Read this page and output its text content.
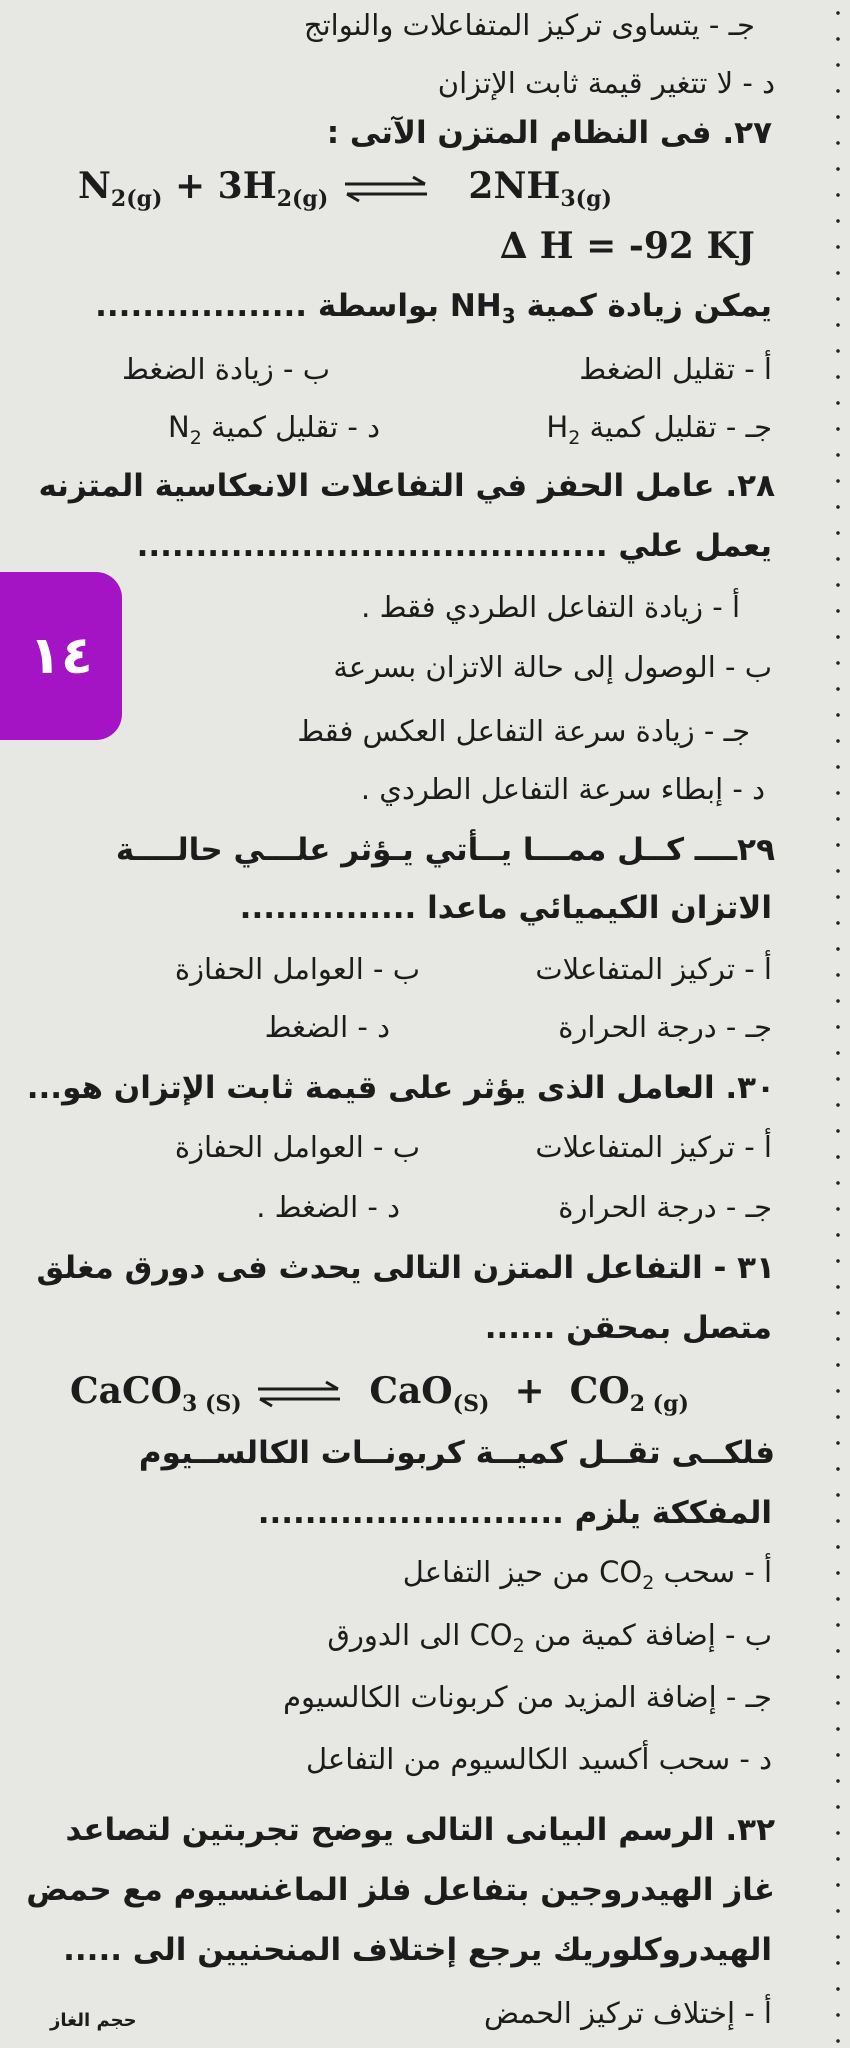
جـ - يتساوى تركيز المتفاعلات والنواتج
د - لا تتغير قيمة ثابت الإتزان
٢٧. فى النظام المتزن الآتى :
$N_{2(g)} + 3H_{2(g)}$ ⇌ $2NH_{3(g)}$
∆ H = -92 KJ
يمكن زيادة كمية $NH_3$ بواسطة ..................
أ - تقليل الضغط
ب - زيادة الضغط
جـ - تقليل كمية $H_2$
د - تقليل كمية $N_2$
٢٨. عامل الحفز في التفاعلات الانعكاسية المتزنه
يعمل علي ........................................
أ - زيادة التفاعل الطردي فقط .
ب - الوصول إلى حالة الاتزان بسرعة
جـ - زيادة سرعة التفاعل العكس فقط
د - إبطاء سرعة التفاعل الطردي .
١٤
٢٩ــــ كــل ممـــا يــأتي يـؤثر علـــي حالــــة
الاتزان الكيميائي ماعدا ...............
أ - تركيز المتفاعلات
ب - العوامل الحفازة
جـ - درجة الحرارة
د - الضغط
٣٠. العامل الذى يؤثر على قيمة ثابت الإتزان هو...
أ - تركيز المتفاعلات
ب - العوامل الحفازة
جـ - درجة الحرارة
د - الضغط .
٣١ - التفاعل المتزن التالى يحدث فى دورق مغلق
متصل بمحقن ......
CaCO$_{3 (S)}$ ⇌ $CaO_{(S)} + CO_{2 (g)}$
فلكــى تقــل كميــة كربونــات الكالســيوم
المفككة يلزم ..........................
أ - سحب $CO_2$ من حيز التفاعل
ب - إضافة كمية من $CO_2$ الى الدورق
جـ - إضافة المزيد من كربونات الكالسيوم
د - سحب أكسيد الكالسيوم من التفاعل
٣٢. الرسم البيانى التالى يوضح تجربتين لتصاعد
غاز الهيدروجين بتفاعل فلز الماغنسيوم مع حمض
الهيدروكلوريك يرجع إختلاف المنحنيين الى .....
أ - إختلاف تركيز الحمض
حجم الغاز
